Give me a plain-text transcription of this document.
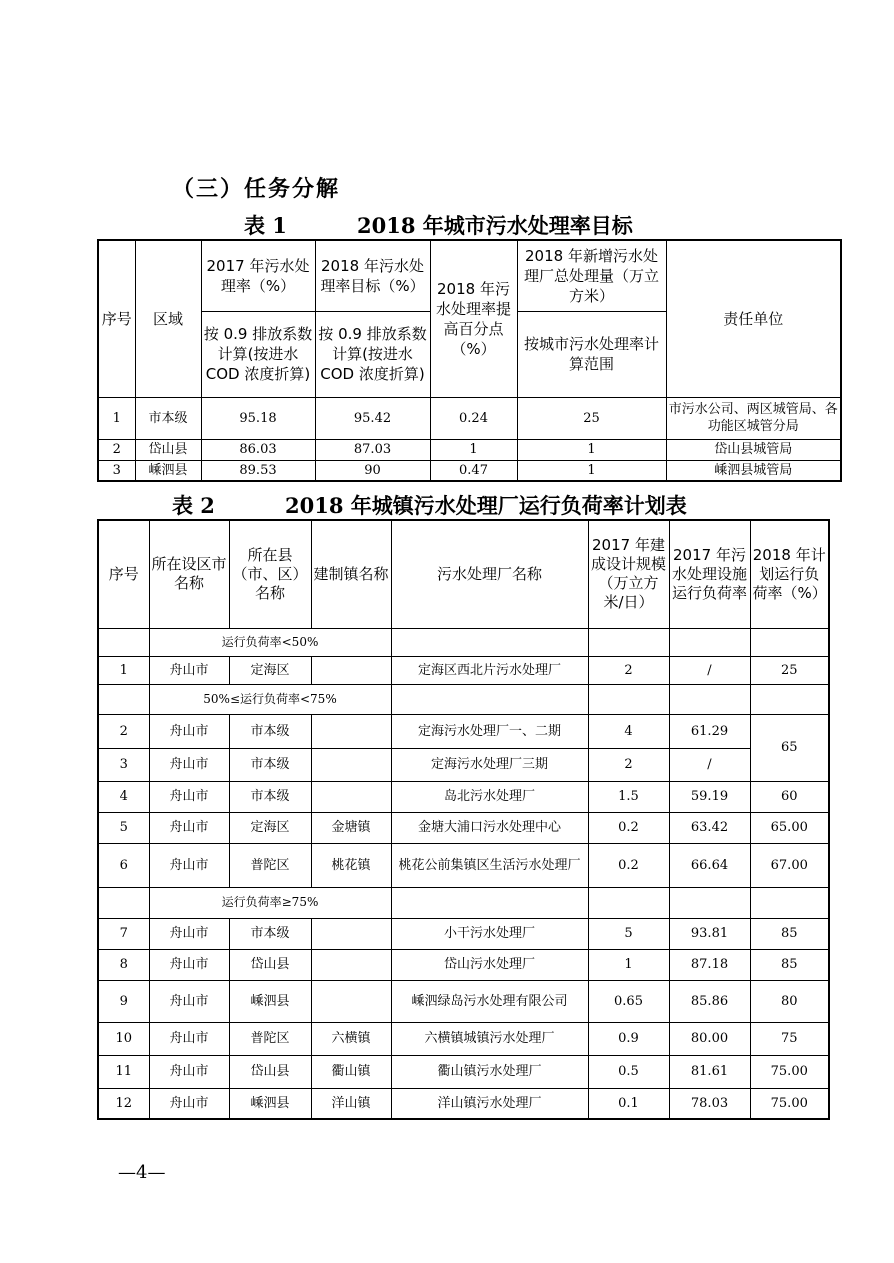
（三）任务分解
表 1	2018 年城市污水处理率目标
序号	区域	2017 年污水处理率（%）	2018 年污水处理率目标（%）	2018 年污水处理率提高百分点（%）	2018 年新增污水处理厂总处理量（万立方米）	责任单位
		按 0.9 排放系数计算(按进水 COD 浓度折算)	按 0.9 排放系数计算(按进水 COD 浓度折算)		按城市污水处理率计算范围	
1	市本级	95.18	95.42	0.24	25	市污水公司、两区城管局、各功能区城管分局
2	岱山县	86.03	87.03	1	1	岱山县城管局
3	嵊泗县	89.53	90	0.47	1	嵊泗县城管局
表 2	2018 年城镇污水处理厂运行负荷率计划表
序号	所在设区市名称	所在县（市、区）名称	建制镇名称	污水处理厂名称	2017 年建成设计规模（万立方米/日）	2017 年污水处理设施运行负荷率	2018 年计划运行负荷率（%）
	运行负荷率<50%						
1	舟山市	定海区		定海区西北片污水处理厂	2	/	25
	50%≤运行负荷率<75%						
2	舟山市	市本级		定海污水处理厂一、二期	4	61.29	65
3	舟山市	市本级		定海污水处理厂三期	2	/	
4	舟山市	市本级		岛北污水处理厂	1.5	59.19	60
5	舟山市	定海区	金塘镇	金塘大浦口污水处理中心	0.2	63.42	65.00
6	舟山市	普陀区	桃花镇	桃花公前集镇区生活污水处理厂	0.2	66.64	67.00
	运行负荷率≥75%						
7	舟山市	市本级		小干污水处理厂	5	93.81	85
8	舟山市	岱山县		岱山污水处理厂	1	87.18	85
9	舟山市	嵊泗县		嵊泗绿岛污水处理有限公司	0.65	85.86	80
10	舟山市	普陀区	六横镇	六横镇城镇污水处理厂	0.9	80.00	75
11	舟山市	岱山县	衢山镇	衢山镇污水处理厂	0.5	81.61	75.00
12	舟山市	嵊泗县	洋山镇	洋山镇污水处理厂	0.1	78.03	75.00
—4—
